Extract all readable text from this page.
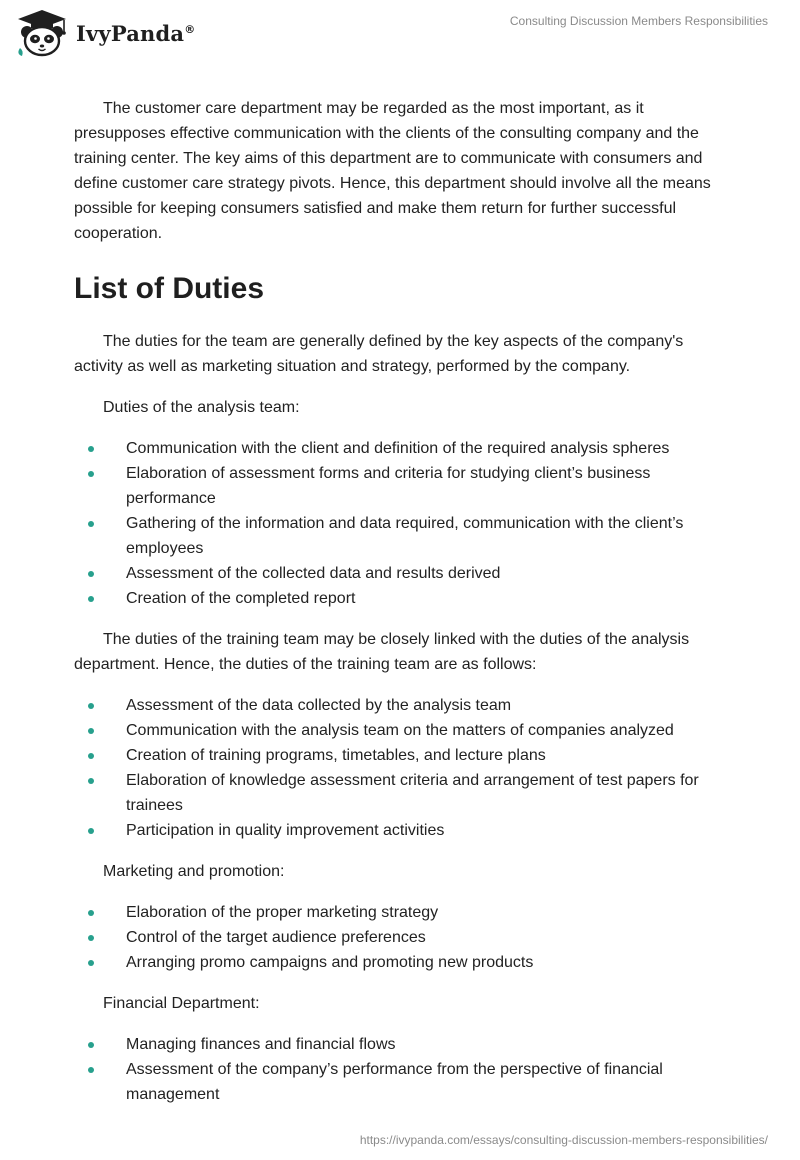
IvyPanda®
Consulting Discussion Members Responsibilities

The customer care department may be regarded as the most important, as it presupposes effective communication with the clients of the consulting company and the training center. The key aims of this department are to communicate with consumers and define customer care strategy pivots. Hence, this department should involve all the means possible for keeping consumers satisfied and make them return for further successful cooperation.

List of Duties

The duties for the team are generally defined by the key aspects of the company's activity as well as marketing situation and strategy, performed by the company.

Duties of the analysis team:

Communication with the client and definition of the required analysis spheres
Elaboration of assessment forms and criteria for studying client’s business performance
Gathering of the information and data required, communication with the client’s employees
Assessment of the collected data and results derived
Creation of the completed report

The duties of the training team may be closely linked with the duties of the analysis department. Hence, the duties of the training team are as follows:

Assessment of the data collected by the analysis team
Communication with the analysis team on the matters of companies analyzed
Creation of training programs, timetables, and lecture plans
Elaboration of knowledge assessment criteria and arrangement of test papers for trainees
Participation in quality improvement activities

Marketing and promotion:

Elaboration of the proper marketing strategy
Control of the target audience preferences
Arranging promo campaigns and promoting new products

Financial Department:

Managing finances and financial flows
Assessment of the company’s performance from the perspective of financial management
https://ivypanda.com/essays/consulting-discussion-members-responsibilities/
